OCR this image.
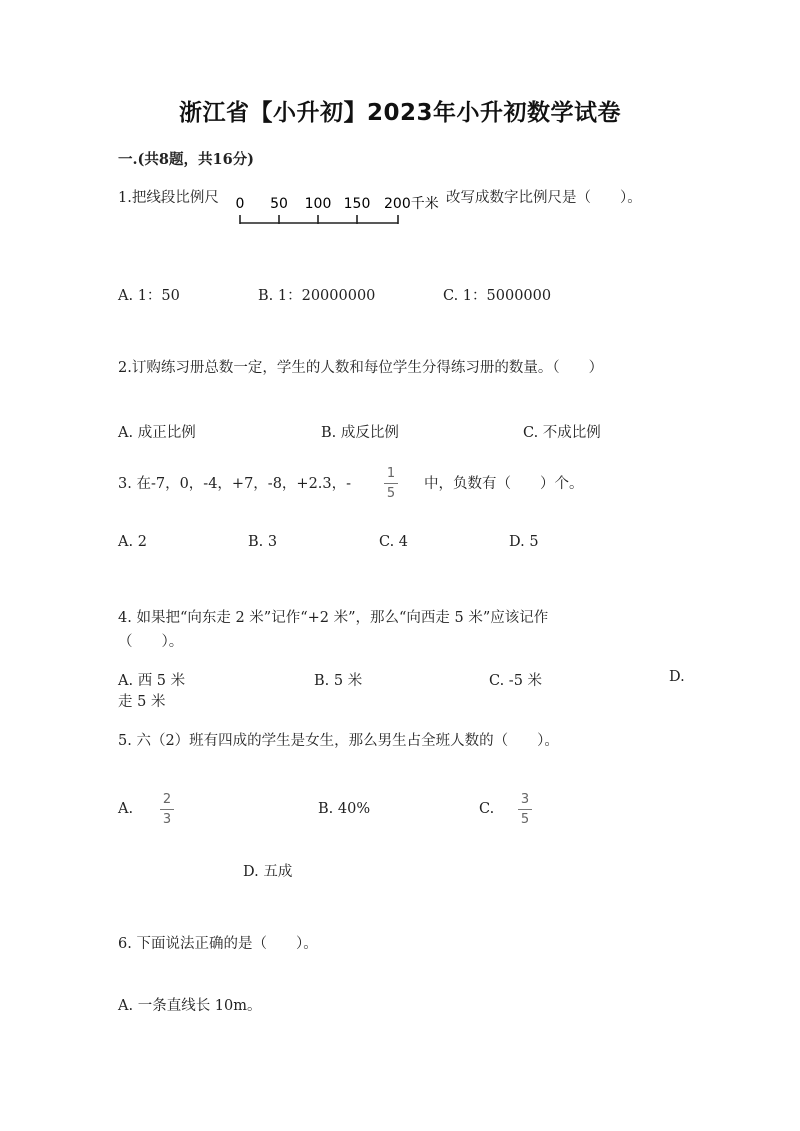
浙江省【小升初】2023年小升初数学试卷
一.(共8题，共16分)
1.把线段比例尺 0 50 100 150 200千米 改写成数字比例尺是（　　）。
A. 1：50	B. 1：20000000	C. 1：5000000
2.订购练习册总数一定，学生的人数和每位学生分得练习册的数量。（　　）
A. 成正比例	B. 成反比例	C. 不成比例
3. 在-7，0，-4，+7，-8，+2.3，-
1
5
中，负数有（　　）个。
A. 2	B. 3	C. 4	D. 5
4. 如果把“向东走 2 米”记作“+2 米”，那么“向西走 5 米”应该记作
（　　）。
A. 西 5 米	B. 5 米	C. -5 米	D.
走 5 米
5. 六（2）班有四成的学生是女生，那么男生占全班人数的（　　）。
A.
2
3
B. 40%	C.
3
5
D. 五成
6. 下面说法正确的是（　　）。
A. 一条直线长 10m。
